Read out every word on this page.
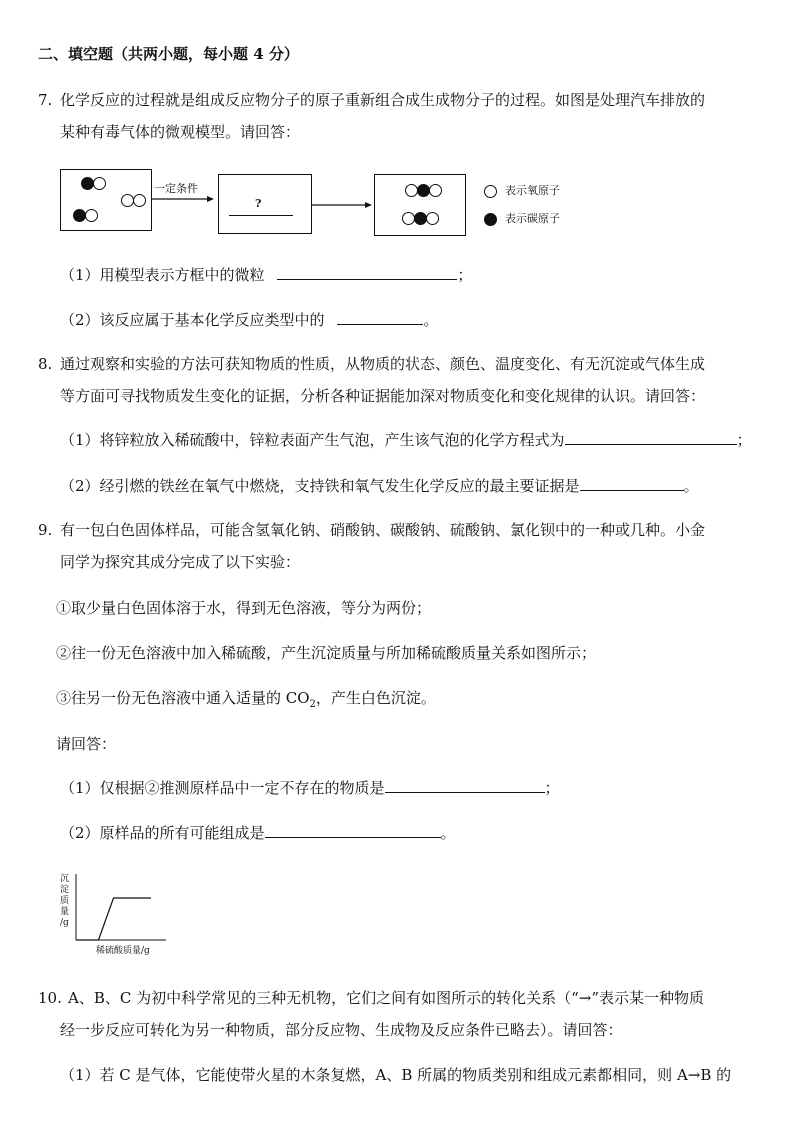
二、填空题（共两小题，每小题 4 分）
7. 化学反应的过程就是组成反应物分子的原子重新组合成生成物分子的过程。如图是处理汽车排放的
某种有毒气体的微观模型。请回答：
一定条件
?
表示氧原子
表示碳原子
（1）用模型表示方框中的微粒	；
（2）该反应属于基本化学反应类型中的	。
8. 通过观察和实验的方法可获知物质的性质，从物质的状态、颜色、温度变化、有无沉淀或气体生成
等方面可寻找物质发生变化的证据，分析各种证据能加深对物质变化和变化规律的认识。请回答：
（1）将锌粒放入稀硫酸中，锌粒表面产生气泡，产生该气泡的化学方程式为	；
（2）经引燃的铁丝在氧气中燃烧，支持铁和氧气发生化学反应的最主要证据是	。
9. 有一包白色固体样品，可能含氢氧化钠、硝酸钠、碳酸钠、硫酸钠、氯化钡中的一种或几种。小金
同学为探究其成分完成了以下实验：
①取少量白色固体溶于水，得到无色溶液，等分为两份；
②往一份无色溶液中加入稀硫酸，产生沉淀质量与所加稀硫酸质量关系如图所示；
③往另一份无色溶液中通入适量的 $CO_2$，产生白色沉淀。
请回答：
（1）仅根据②推测原样品中一定不存在的物质是	；
（2）原样品的所有可能组成是	。
沉
淀
质
量
/g
稀硫酸质量/g
10. A、B、C 为初中科学常见的三种无机物，它们之间有如图所示的转化关系（“→”表示某一种物质
经一步反应可转化为另一种物质，部分反应物、生成物及反应条件已略去）。请回答：
（1）若 C 是气体，它能使带火星的木条复燃，A、B 所属的物质类别和组成元素都相同，则 A→B 的
